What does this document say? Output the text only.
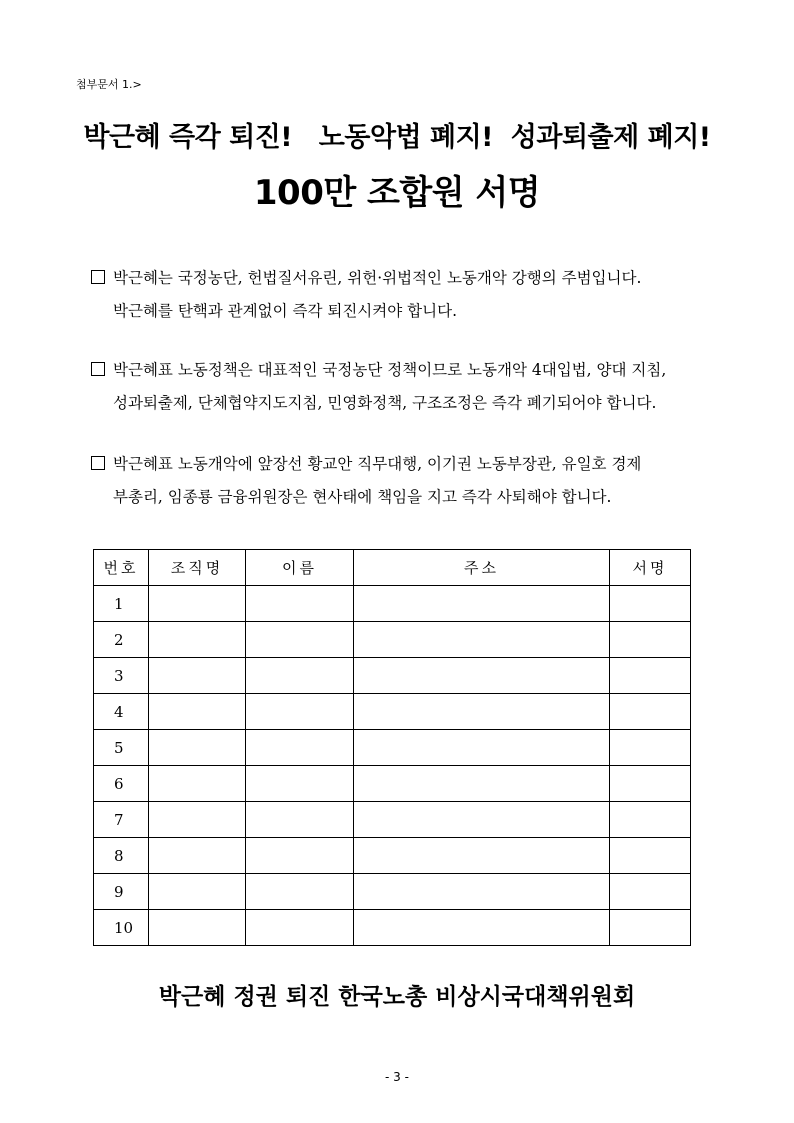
첨부문서 1.>
박근혜 즉각 퇴진!   노동악법 폐지!  성과퇴출제 폐지!
100만 조합원 서명
박근혜는 국정농단, 헌법질서유린, 위헌·위법적인 노동개악 강행의 주범입니다.
박근혜를 탄핵과 관계없이 즉각 퇴진시켜야 합니다.
박근혜표 노동정책은 대표적인 국정농단 정책이므로 노동개악 4대입법, 양대 지침,
성과퇴출제, 단체협약지도지침, 민영화정책, 구조조정은 즉각 폐기되어야 합니다.
박근혜표 노동개악에 앞장선 황교안 직무대행, 이기권 노동부장관, 유일호 경제
부총리, 임종룡 금융위원장은 현사태에 책임을 지고 즉각 사퇴해야 합니다.
번호	조직명	이름	주소	서명
1				
2				
3				
4				
5				
6				
7				
8				
9				
10				
박근혜 정권 퇴진 한국노총 비상시국대책위원회
- 3 -
